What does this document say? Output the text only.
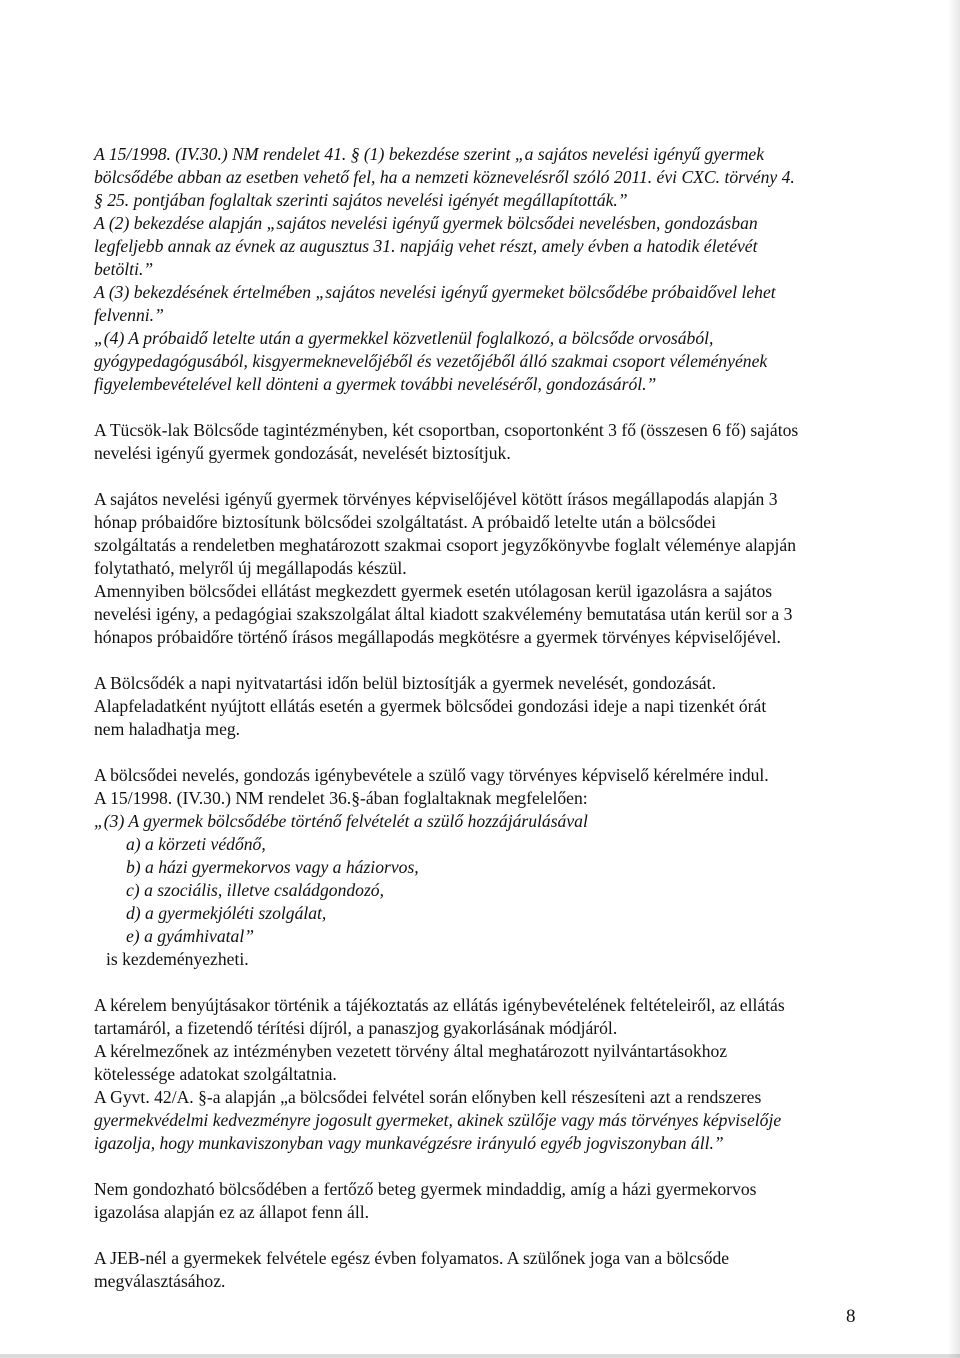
A 15/1998. (IV.30.) NM rendelet 41. § (1) bekezdése szerint „a sajátos nevelési igényű gyermek

bölcsődébe abban az esetben vehető fel, ha a nemzeti köznevelésről szóló 2011. évi CXC. törvény 4.

§ 25. pontjában foglaltak szerinti sajátos nevelési igényét megállapították.”

A (2) bekezdése alapján „sajátos nevelési igényű gyermek bölcsődei nevelésben, gondozásban

legfeljebb annak az évnek az augusztus 31. napjáig vehet részt, amely évben a hatodik életévét

betölti.”

A (3) bekezdésének értelmében „sajátos nevelési igényű gyermeket bölcsődébe próbaidővel lehet

felvenni.”

„(4) A próbaidő letelte után a gyermekkel közvetlenül foglalkozó, a bölcsőde orvosából,

gyógypedagógusából, kisgyermeknevelőjéből és vezetőjéből álló szakmai csoport véleményének

figyelembevételével kell dönteni a gyermek további neveléséről, gondozásáról.”

A Tücsök-lak Bölcsőde tagintézményben, két csoportban, csoportonként 3 fő (összesen 6 fő) sajátos

nevelési igényű gyermek gondozását, nevelését biztosítjuk.

A sajátos nevelési igényű gyermek törvényes képviselőjével kötött írásos megállapodás alapján 3

hónap próbaidőre biztosítunk bölcsődei szolgáltatást. A próbaidő letelte után a bölcsődei

szolgáltatás a rendeletben meghatározott szakmai csoport jegyzőkönyvbe foglalt véleménye alapján

folytatható, melyről új megállapodás készül.

Amennyiben bölcsődei ellátást megkezdett gyermek esetén utólagosan kerül igazolásra a sajátos

nevelési igény, a pedagógiai szakszolgálat által kiadott szakvélemény bemutatása után kerül sor a 3

hónapos próbaidőre történő írásos megállapodás megkötésre a gyermek törvényes képviselőjével.

A Bölcsődék a napi nyitvatartási időn belül biztosítják a gyermek nevelését, gondozását.

Alapfeladatként nyújtott ellátás esetén a gyermek bölcsődei gondozási ideje a napi tizenkét órát

nem haladhatja meg.

A bölcsődei nevelés, gondozás igénybevétele a szülő vagy törvényes képviselő kérelmére indul.

A 15/1998. (IV.30.) NM rendelet 36.§-ában foglaltaknak megfelelően:

„(3) A gyermek bölcsődébe történő felvételét a szülő hozzájárulásával

a) a körzeti védőnő,

b) a házi gyermekorvos vagy a háziorvos,

c) a szociális, illetve családgondozó,

d) a gyermekjóléti szolgálat,

e) a gyámhivatal”

is kezdeményezheti.

A kérelem benyújtásakor történik a tájékoztatás az ellátás igénybevételének feltételeiről, az ellátás

tartamáról, a fizetendő térítési díjról, a panaszjog gyakorlásának módjáról.

A kérelmezőnek az intézményben vezetett törvény által meghatározott nyilvántartásokhoz

kötelessége adatokat szolgáltatnia.

A Gyvt. 42/A. §-a alapján „a bölcsődei felvétel során előnyben kell részesíteni azt a rendszeres

gyermekvédelmi kedvezményre jogosult gyermeket, akinek szülője vagy más törvényes képviselője

igazolja, hogy munkaviszonyban vagy munkavégzésre irányuló egyéb jogviszonyban áll.”

Nem gondozható bölcsődében a fertőző beteg gyermek mindaddig, amíg a házi gyermekorvos

igazolása alapján ez az állapot fenn áll.

A JEB-nél a gyermekek felvétele egész évben folyamatos. A szülőnek joga van a bölcsőde

megválasztásához.

8
